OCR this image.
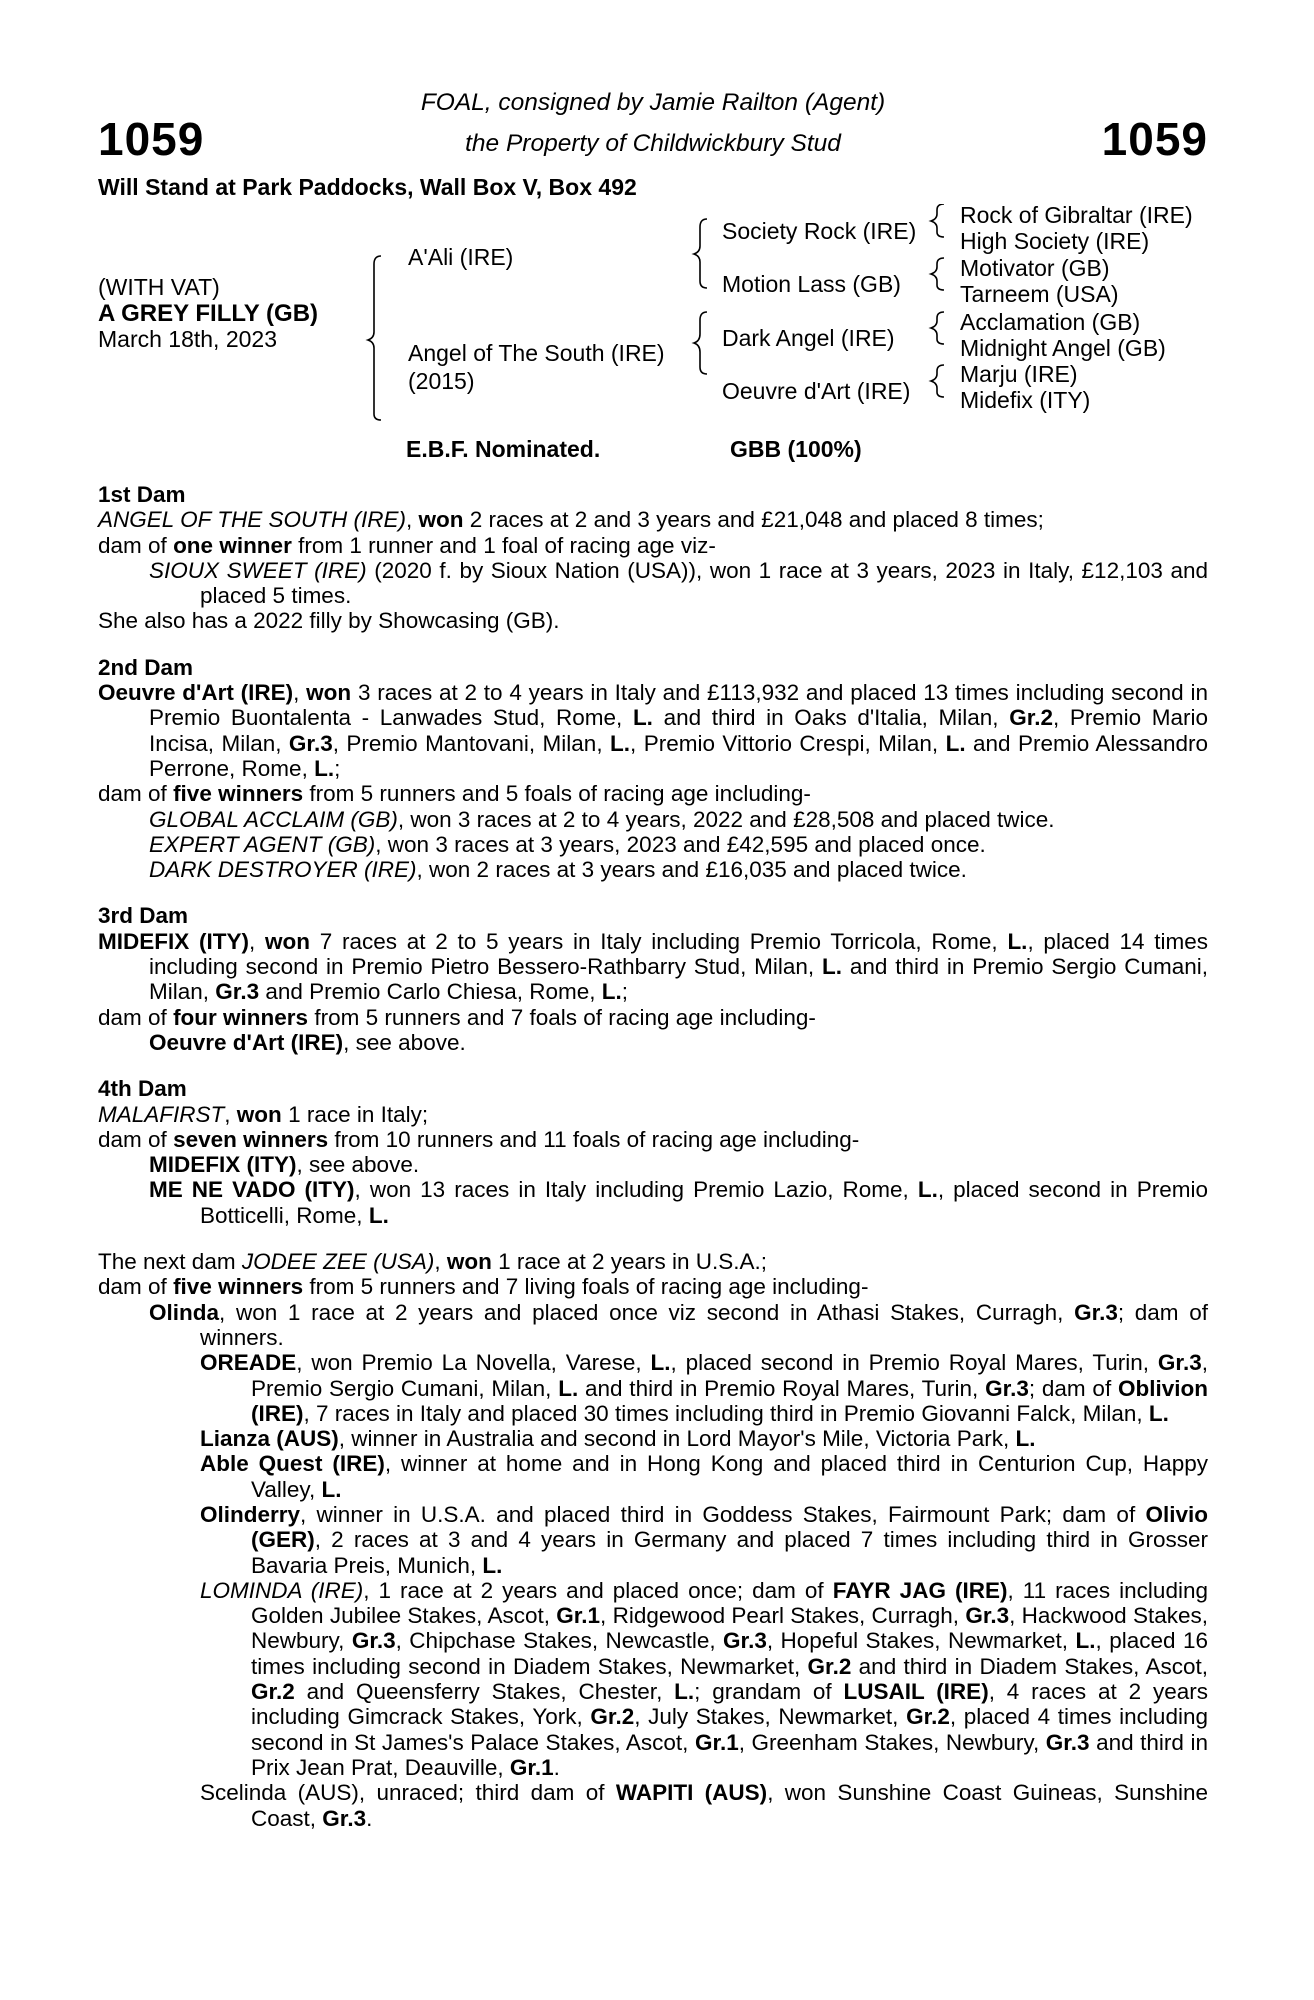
1059	1059
FOAL, consigned by Jamie Railton (Agent)
the Property of Childwickbury Stud
Will Stand at Park Paddocks, Wall Box V, Box 492
(WITH VAT)
A GREY FILLY (GB)
March 18th, 2023
A'Ali (IRE)
Angel of The South (IRE)
(2015)
Society Rock (IRE)
Motion Lass (GB)
Dark Angel (IRE)
Oeuvre d'Art (IRE)
Rock of Gibraltar (IRE)
High Society (IRE)
Motivator (GB)
Tarneem (USA)
Acclamation (GB)
Midnight Angel (GB)
Marju (IRE)
Midefix (ITY)
E.B.F. Nominated.	GBB (100%)
1st Dam
ANGEL OF THE SOUTH (IRE), won 2 races at 2 and 3 years and £21,048 and placed 8 times;
dam of one winner from 1 runner and 1 foal of racing age viz-
SIOUX SWEET (IRE) (2020 f. by Sioux Nation (USA)), won 1 race at 3 years, 2023 in Italy, £12,103 and placed 5 times.
She also has a 2022 filly by Showcasing (GB).
2nd Dam
Oeuvre d'Art (IRE), won 3 races at 2 to 4 years in Italy and £113,932 and placed 13 times including second in Premio Buontalenta - Lanwades Stud, Rome, L. and third in Oaks d'Italia, Milan, Gr.2, Premio Mario Incisa, Milan, Gr.3, Premio Mantovani, Milan, L., Premio Vittorio Crespi, Milan, L. and Premio Alessandro Perrone, Rome, L.;
dam of five winners from 5 runners and 5 foals of racing age including-
GLOBAL ACCLAIM (GB), won 3 races at 2 to 4 years, 2022 and £28,508 and placed twice.
EXPERT AGENT (GB), won 3 races at 3 years, 2023 and £42,595 and placed once.
DARK DESTROYER (IRE), won 2 races at 3 years and £16,035 and placed twice.
3rd Dam
MIDEFIX (ITY), won 7 races at 2 to 5 years in Italy including Premio Torricola, Rome, L., placed 14 times including second in Premio Pietro Bessero-Rathbarry Stud, Milan, L. and third in Premio Sergio Cumani, Milan, Gr.3 and Premio Carlo Chiesa, Rome, L.;
dam of four winners from 5 runners and 7 foals of racing age including-
Oeuvre d'Art (IRE), see above.
4th Dam
MALAFIRST, won 1 race in Italy;
dam of seven winners from 10 runners and 11 foals of racing age including-
MIDEFIX (ITY), see above.
ME NE VADO (ITY), won 13 races in Italy including Premio Lazio, Rome, L., placed second in Premio Botticelli, Rome, L.
The next dam JODEE ZEE (USA), won 1 race at 2 years in U.S.A.;
dam of five winners from 5 runners and 7 living foals of racing age including-
Olinda, won 1 race at 2 years and placed once viz second in Athasi Stakes, Curragh, Gr.3; dam of winners.
OREADE, won Premio La Novella, Varese, L., placed second in Premio Royal Mares, Turin, Gr.3, Premio Sergio Cumani, Milan, L. and third in Premio Royal Mares, Turin, Gr.3; dam of Oblivion (IRE), 7 races in Italy and placed 30 times including third in Premio Giovanni Falck, Milan, L.
Lianza (AUS), winner in Australia and second in Lord Mayor's Mile, Victoria Park, L.
Able Quest (IRE), winner at home and in Hong Kong and placed third in Centurion Cup, Happy Valley, L.
Olinderry, winner in U.S.A. and placed third in Goddess Stakes, Fairmount Park; dam of Olivio (GER), 2 races at 3 and 4 years in Germany and placed 7 times including third in Grosser Bavaria Preis, Munich, L.
LOMINDA (IRE), 1 race at 2 years and placed once; dam of FAYR JAG (IRE), 11 races including Golden Jubilee Stakes, Ascot, Gr.1, Ridgewood Pearl Stakes, Curragh, Gr.3, Hackwood Stakes, Newbury, Gr.3, Chipchase Stakes, Newcastle, Gr.3, Hopeful Stakes, Newmarket, L., placed 16 times including second in Diadem Stakes, Newmarket, Gr.2 and third in Diadem Stakes, Ascot, Gr.2 and Queensferry Stakes, Chester, L.; grandam of LUSAIL (IRE), 4 races at 2 years including Gimcrack Stakes, York, Gr.2, July Stakes, Newmarket, Gr.2, placed 4 times including second in St James's Palace Stakes, Ascot, Gr.1, Greenham Stakes, Newbury, Gr.3 and third in Prix Jean Prat, Deauville, Gr.1.
Scelinda (AUS), unraced; third dam of WAPITI (AUS), won Sunshine Coast Guineas, Sunshine Coast, Gr.3.
